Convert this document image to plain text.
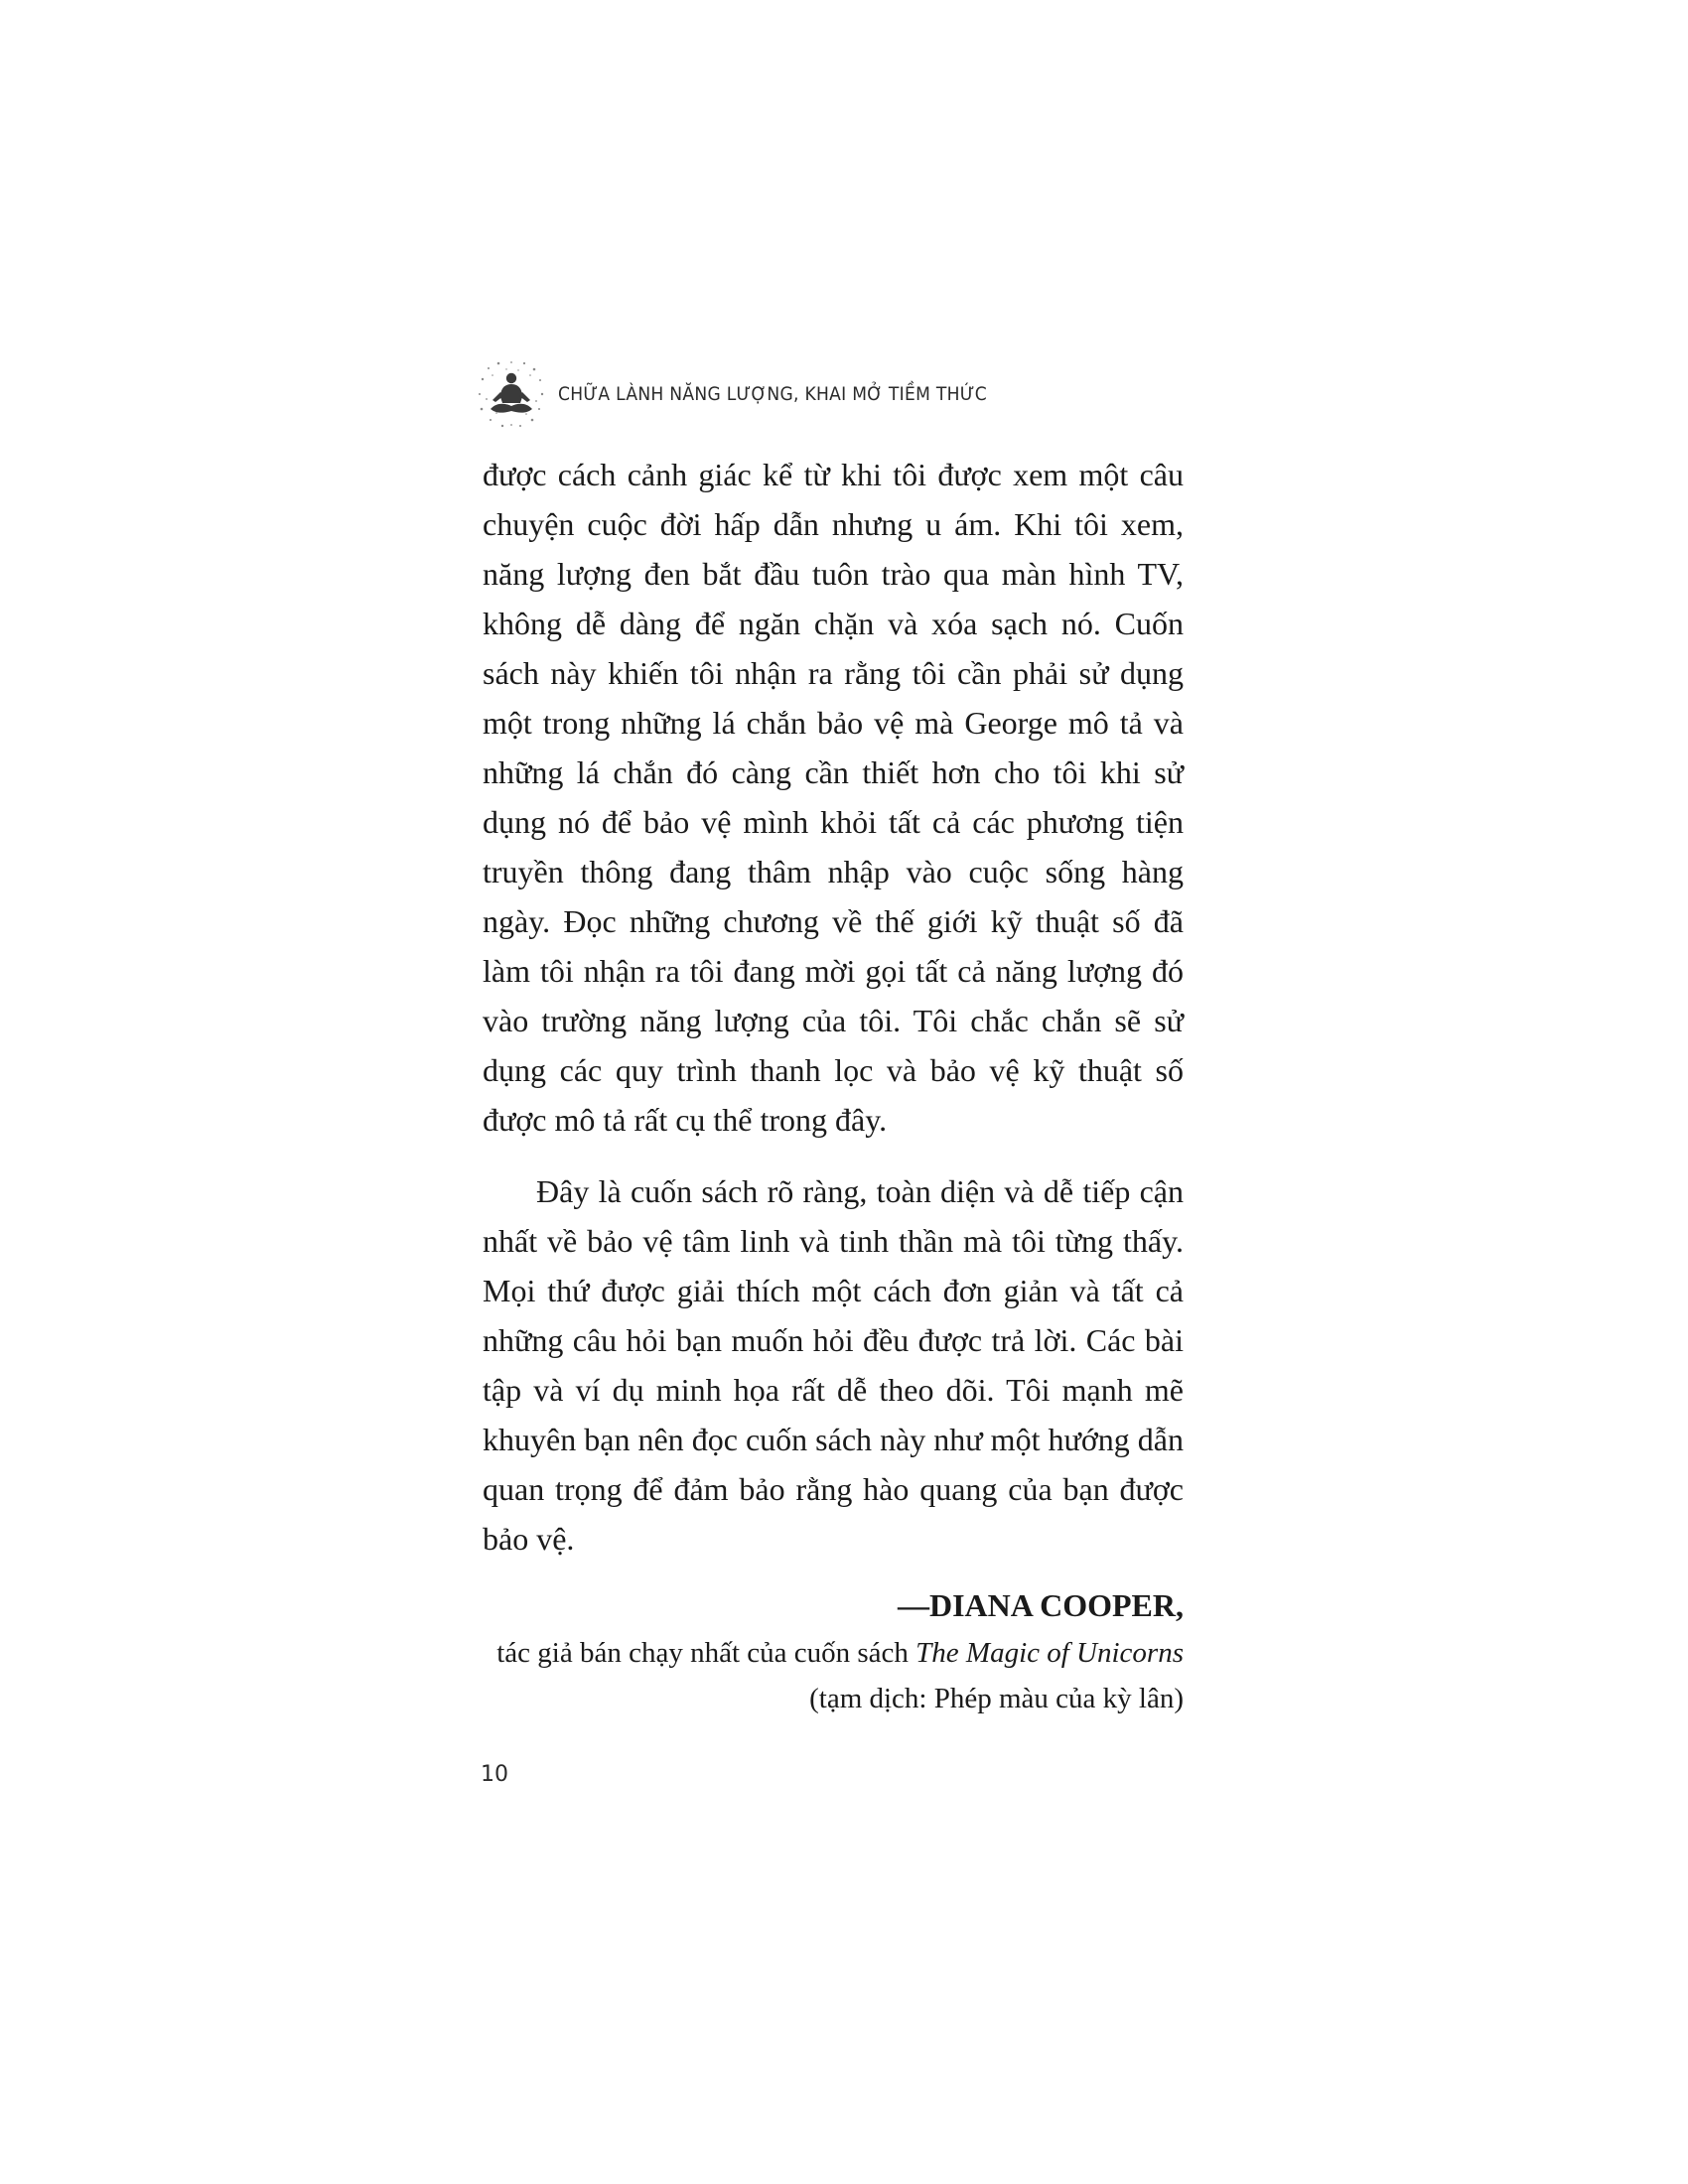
CHỮA LÀNH NĂNG LƯỢNG, KHAI MỞ TIỀM THỨC

được cách cảnh giác kể từ khi tôi được xem một câu chuyện cuộc đời hấp dẫn nhưng u ám. Khi tôi xem, năng lượng đen bắt đầu tuôn trào qua màn hình TV, không dễ dàng để ngăn chặn và xóa sạch nó. Cuốn sách này khiến tôi nhận ra rằng tôi cần phải sử dụng một trong những lá chắn bảo vệ mà George mô tả và những lá chắn đó càng cần thiết hơn cho tôi khi sử dụng nó để bảo vệ mình khỏi tất cả các phương tiện truyền thông đang thâm nhập vào cuộc sống hàng ngày. Đọc những chương về thế giới kỹ thuật số đã làm tôi nhận ra tôi đang mời gọi tất cả năng lượng đó vào trường năng lượng của tôi. Tôi chắc chắn sẽ sử dụng các quy trình thanh lọc và bảo vệ kỹ thuật số được mô tả rất cụ thể trong đây.

Đây là cuốn sách rõ ràng, toàn diện và dễ tiếp cận nhất về bảo vệ tâm linh và tinh thần mà tôi từng thấy. Mọi thứ được giải thích một cách đơn giản và tất cả những câu hỏi bạn muốn hỏi đều được trả lời. Các bài tập và ví dụ minh họa rất dễ theo dõi. Tôi mạnh mẽ khuyên bạn nên đọc cuốn sách này như một hướng dẫn quan trọng để đảm bảo rằng hào quang của bạn được bảo vệ.

—DIANA COOPER,
tác giả bán chạy nhất của cuốn sách The Magic of Unicorns
(tạm dịch: Phép màu của kỳ lân)
10
